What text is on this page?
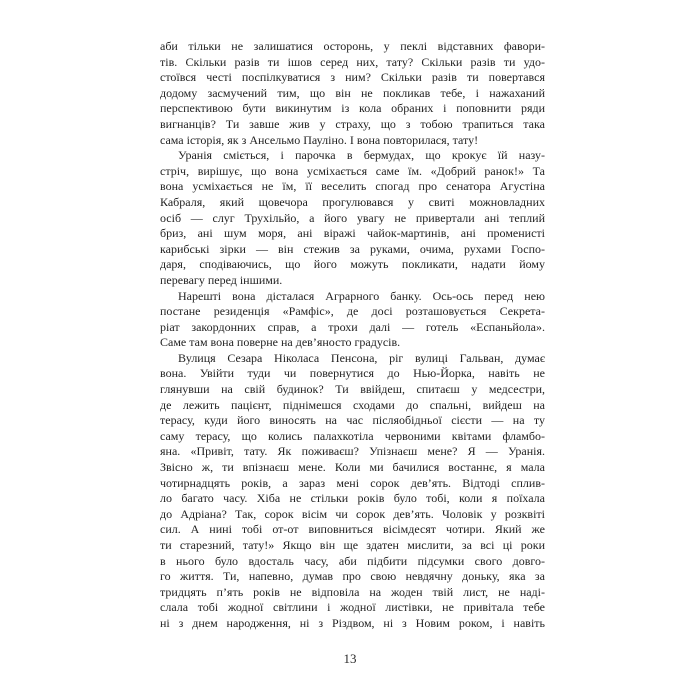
аби тільки не залишатися осторонь, у пеклі відставних фавори-
тів. Скільки разів ти ішов серед них, тату? Скільки разів ти удо-
стоївся честі поспілкуватися з ним? Скільки разів ти повертався
додому засмучений тим, що він не покликав тебе, і нажаханий
перспективою бути викинутим із кола обраних і поповнити ряди
вигнанців? Ти завше жив у страху, що з тобою трапиться така
сама історія, як з Ансельмо Пауліно. І вона повторилася, тату!

Уранія сміється, і парочка в бермудах, що крокує їй назу-
стріч, вирішує, що вона усміхається саме їм. «Добрий ранок!» Та
вона усміхається не їм, її веселить спогад про сенатора Агустіна
Кабраля, який щовечора прогулювався у свиті можновладних
осіб — слуг Трухільйо, а його увагу не привертали ані теплий
бриз, ані шум моря, ані віражі чайок-мартинів, ані променисті
карибські зірки — він стежив за руками, очима, рухами Госпо-
даря, сподіваючись, що його можуть покликати, надати йому
перевагу перед іншими.

Нарешті вона дісталася Аграрного банку. Ось-ось перед нею
постане резиденція «Рамфіс», де досі розташовується Секрета-
ріат закордонних справ, а трохи далі — готель «Еспаньйола».
Саме там вона поверне на дев’яносто градусів.

Вулиця Сезара Ніколаса Пенсона, ріг вулиці Гальван, думає
вона. Увійти туди чи повернутися до Нью-Йорка, навіть не
глянувши на свій будинок? Ти ввійдеш, спитаєш у медсестри,
де лежить пацієнт, піднімешся сходами до спальні, вийдеш на
терасу, куди його виносять на час післяобідньої сієсти — на ту
саму терасу, що колись палахкотіла червоними квітами фламбо-
яна. «Привіт, тату. Як поживаєш? Упізнаєш мене? Я — Уранія.
Звісно ж, ти впізнаєш мене. Коли ми бачилися востаннє, я мала
чотирнадцять років, а зараз мені сорок дев’ять. Відтоді сплив-
ло багато часу. Хіба не стільки років було тобі, коли я поїхала
до Адріана? Так, сорок вісім чи сорок дев’ять. Чоловік у розквіті
сил. А нині тобі от-от виповниться вісімдесят чотири. Який же
ти старезний, тату!» Якщо він ще здатен мислити, за всі ці роки
в нього було вдосталь часу, аби підбити підсумки свого довго-
го життя. Ти, напевно, думав про свою невдячну доньку, яка за
тридцять п’ять років не відповіла на жоден твій лист, не наді-
слала тобі жодної світлини і жодної листівки, не привітала тебе
ні з днем народження, ні з Різдвом, ні з Новим роком, і навіть

13
